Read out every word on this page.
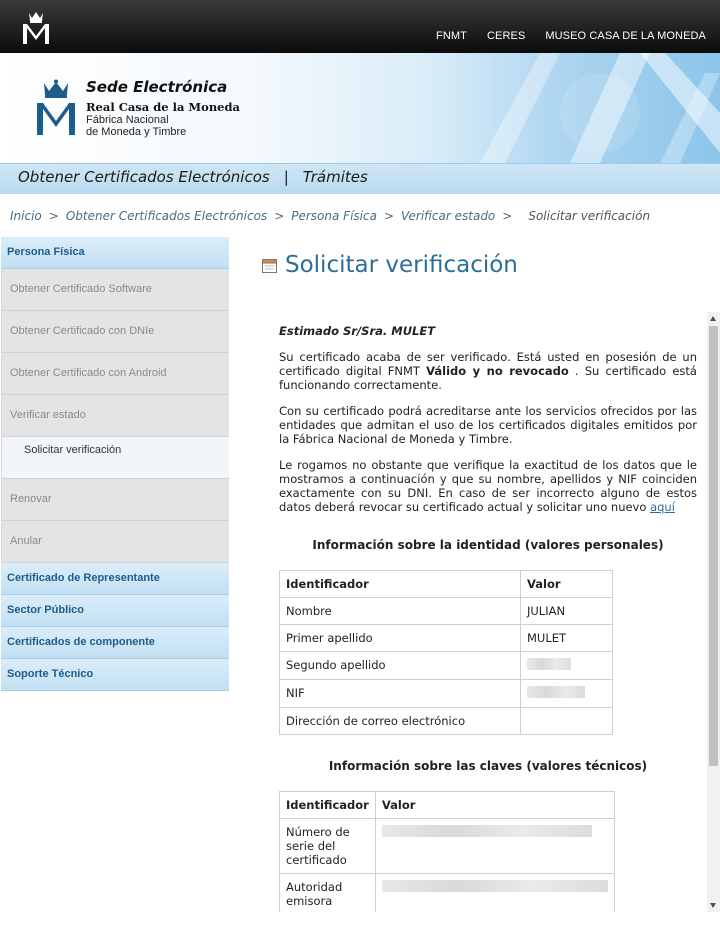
FNMT CERES MUSEO CASA DE LA MONEDA
Sede Electrónica
Real Casa de la Moneda
Fábrica Nacional
de Moneda y Timbre
Obtener Certificados Electrónicos | Trámites
Inicio > Obtener Certificados Electrónicos > Persona Física > Verificar estado > Solicitar verificación
Persona Física
Obtener Certificado Software
Obtener Certificado con DNIe
Obtener Certificado con Android
Verificar estado
Solicitar verificación
Renovar
Anular
Certificado de Representante
Sector Público
Certificados de componente
Soporte Técnico
Solicitar verificación
Estimado Sr/Sra. MULET

Su certificado acaba de ser verificado. Está usted en posesión de un certificado digital FNMT Válido y no revocado . Su certificado está funcionando correctamente.

Con su certificado podrá acreditarse ante los servicios ofrecidos por las entidades que admitan el uso de los certificados digitales emitidos por la Fábrica Nacional de Moneda y Timbre.

Le rogamos no obstante que verifique la exactitud de los datos que le mostramos a continuación y que su nombre, apellidos y NIF coinciden exactamente con su DNI. En caso de ser incorrecto alguno de estos datos deberá revocar su certificado actual y solicitar uno nuevo aquí

Información sobre la identidad (valores personales)
Identificador	Valor
Nombre	JULIAN
Primer apellido	MULET
Segundo apellido	
NIF	
Dirección de correo electrónico	
Información sobre las claves (valores técnicos)
Identificador	Valor
Número de serie del certificado	
Autoridad emisora	
